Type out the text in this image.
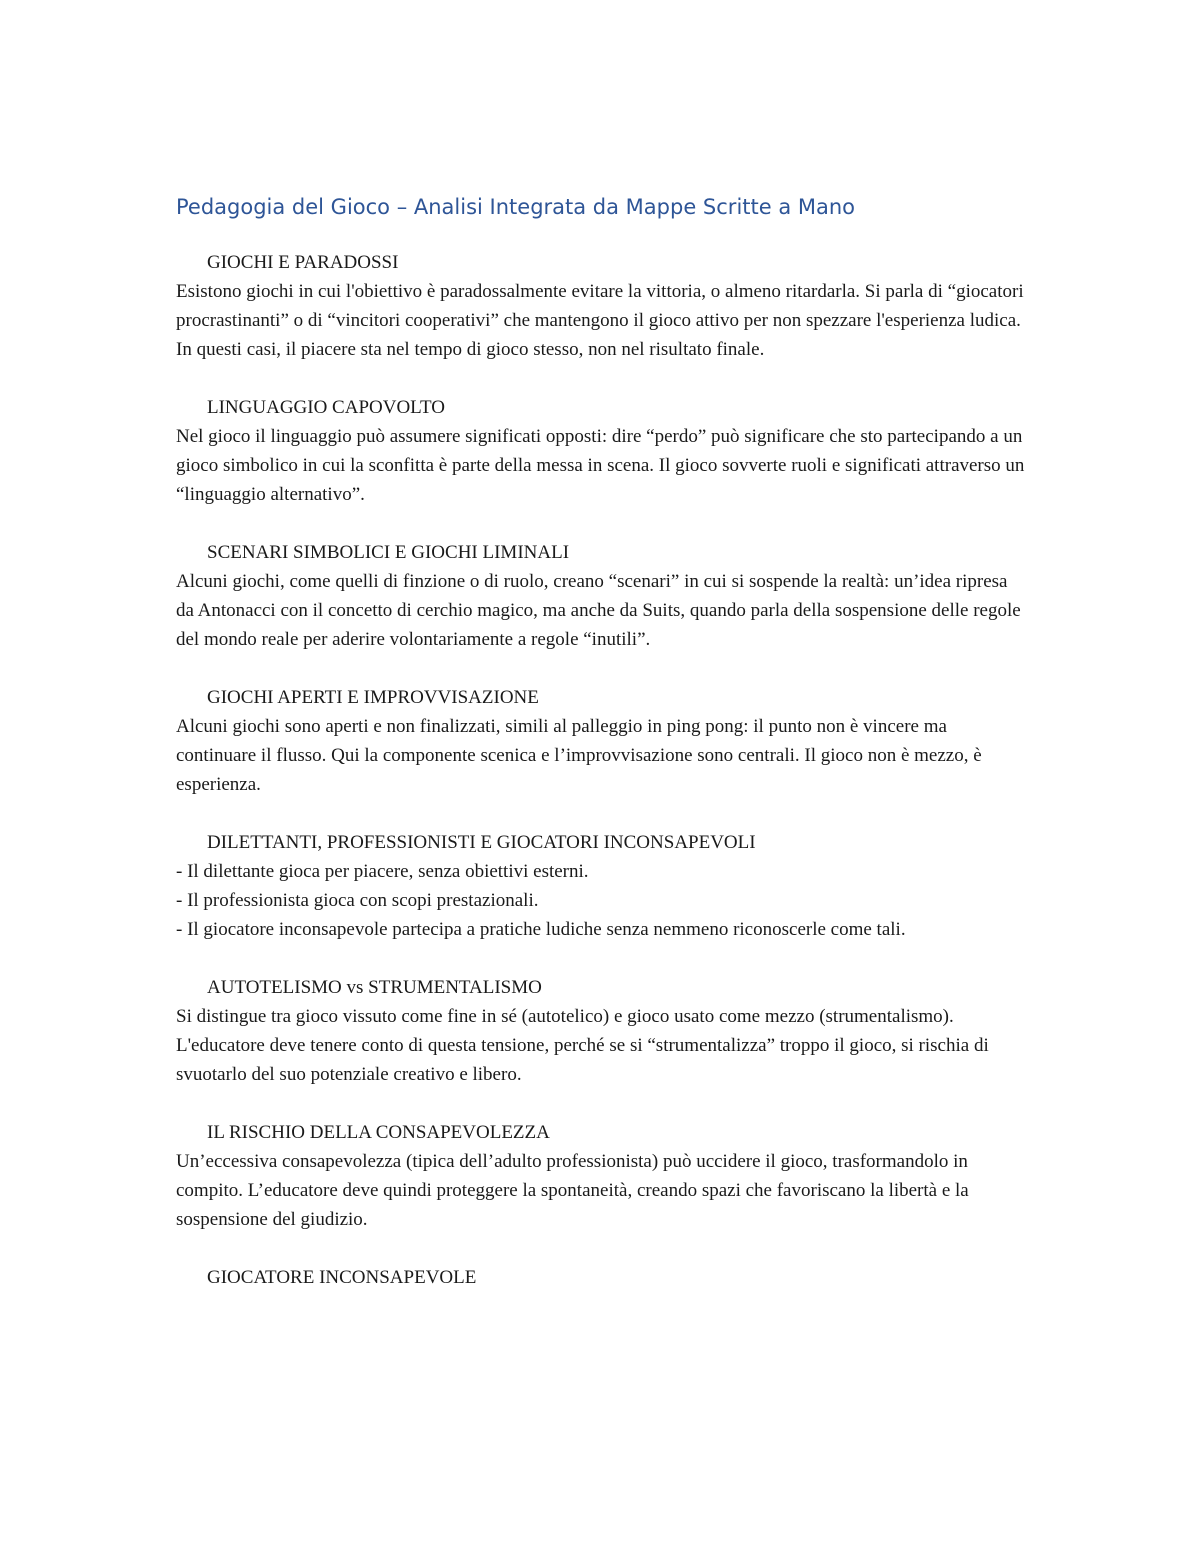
Pedagogia del Gioco – Analisi Integrata da Mappe Scritte a Mano

GIOCHI E PARADOSSI

Esistono giochi in cui l'obiettivo è paradossalmente evitare la vittoria, o almeno ritardarla. Si parla di “giocatori procrastinanti” o di “vincitori cooperativi” che mantengono il gioco attivo per non spezzare l'esperienza ludica. In questi casi, il piacere sta nel tempo di gioco stesso, non nel risultato finale.

LINGUAGGIO CAPOVOLTO

Nel gioco il linguaggio può assumere significati opposti: dire “perdo” può significare che sto partecipando a un gioco simbolico in cui la sconfitta è parte della messa in scena. Il gioco sovverte ruoli e significati attraverso un “linguaggio alternativo”.

SCENARI SIMBOLICI E GIOCHI LIMINALI

Alcuni giochi, come quelli di finzione o di ruolo, creano “scenari” in cui si sospende la realtà: un’idea ripresa da Antonacci con il concetto di cerchio magico, ma anche da Suits, quando parla della sospensione delle regole del mondo reale per aderire volontariamente a regole “inutili”.

GIOCHI APERTI E IMPROVVISAZIONE

Alcuni giochi sono aperti e non finalizzati, simili al palleggio in ping pong: il punto non è vincere ma continuare il flusso. Qui la componente scenica e l’improvvisazione sono centrali. Il gioco non è mezzo, è esperienza.

DILETTANTI, PROFESSIONISTI E GIOCATORI INCONSAPEVOLI

- Il dilettante gioca per piacere, senza obiettivi esterni.

- Il professionista gioca con scopi prestazionali.

- Il giocatore inconsapevole partecipa a pratiche ludiche senza nemmeno riconoscerle come tali.

AUTOTELISMO vs STRUMENTALISMO

Si distingue tra gioco vissuto come fine in sé (autotelico) e gioco usato come mezzo (strumentalismo). L'educatore deve tenere conto di questa tensione, perché se si “strumentalizza” troppo il gioco, si rischia di svuotarlo del suo potenziale creativo e libero.

IL RISCHIO DELLA CONSAPEVOLEZZA

Un’eccessiva consapevolezza (tipica dell’adulto professionista) può uccidere il gioco, trasformandolo in compito. L’educatore deve quindi proteggere la spontaneità, creando spazi che favoriscano la libertà e la sospensione del giudizio.

GIOCATORE INCONSAPEVOLE
